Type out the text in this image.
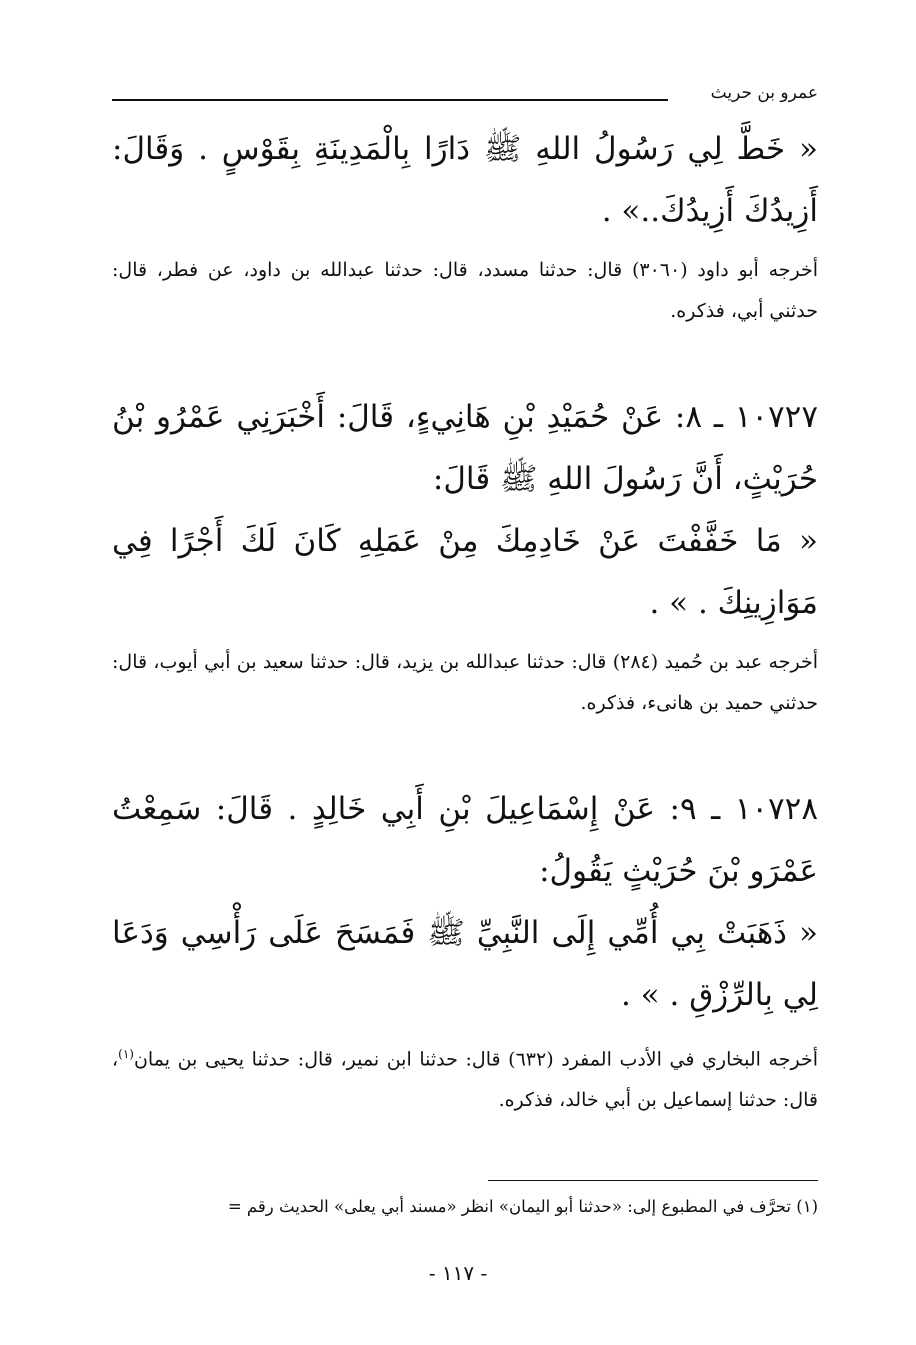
عمرو بن حريث

« خَطَّ لِي رَسُولُ اللهِ ﷺ دَارًا بِالْمَدِينَةِ بِقَوْسٍ . وَقَالَ: أَزِيدُكَ أَزِيدُكَ..» .

أخرجه أبو داود (٣٠٦٠) قال: حدثنا مسدد، قال: حدثنا عبدالله بن داود، عن فطر، قال: حدثني أبي، فذكره.

١٠٧٢٧ ـ ٨: عَنْ حُمَيْدِ بْنِ هَانِيءٍ، قَالَ: أَخْبَرَنِي عَمْرُو بْنُ حُرَيْثٍ، أَنَّ رَسُولَ اللهِ ﷺ قَالَ:

« مَا خَفَّفْتَ عَنْ خَادِمِكَ مِنْ عَمَلِهِ كَانَ لَكَ أَجْرًا فِي مَوَازِينِكَ . » .

أخرجه عبد بن حُميد (٢٨٤) قال: حدثنا عبدالله بن يزيد، قال: حدثنا سعيد بن أبي أيوب، قال: حدثني حميد بن هانىء، فذكره.

١٠٧٢٨ ـ ٩: عَنْ إِسْمَاعِيلَ بْنِ أَبِي خَالِدٍ . قَالَ: سَمِعْتُ عَمْرَو بْنَ حُرَيْثٍ يَقُولُ:

« ذَهَبَتْ بِي أُمِّي إِلَى النَّبِيِّ ﷺ فَمَسَحَ عَلَى رَأْسِي وَدَعَا لِي بِالرِّزْقِ . » .

أخرجه البخاري في الأدب المفرد (٦٣٢) قال: حدثنا ابن نمير، قال: حدثنا يحيى بن يمان$^{(١)}$، قال: حدثنا إسماعيل بن أبي خالد، فذكره.

(١) تحرَّف في المطبوع إلى: «حدثنا أبو اليمان» انظر «مسند أبي يعلى» الحديث رقم =

- ١١٧ -
